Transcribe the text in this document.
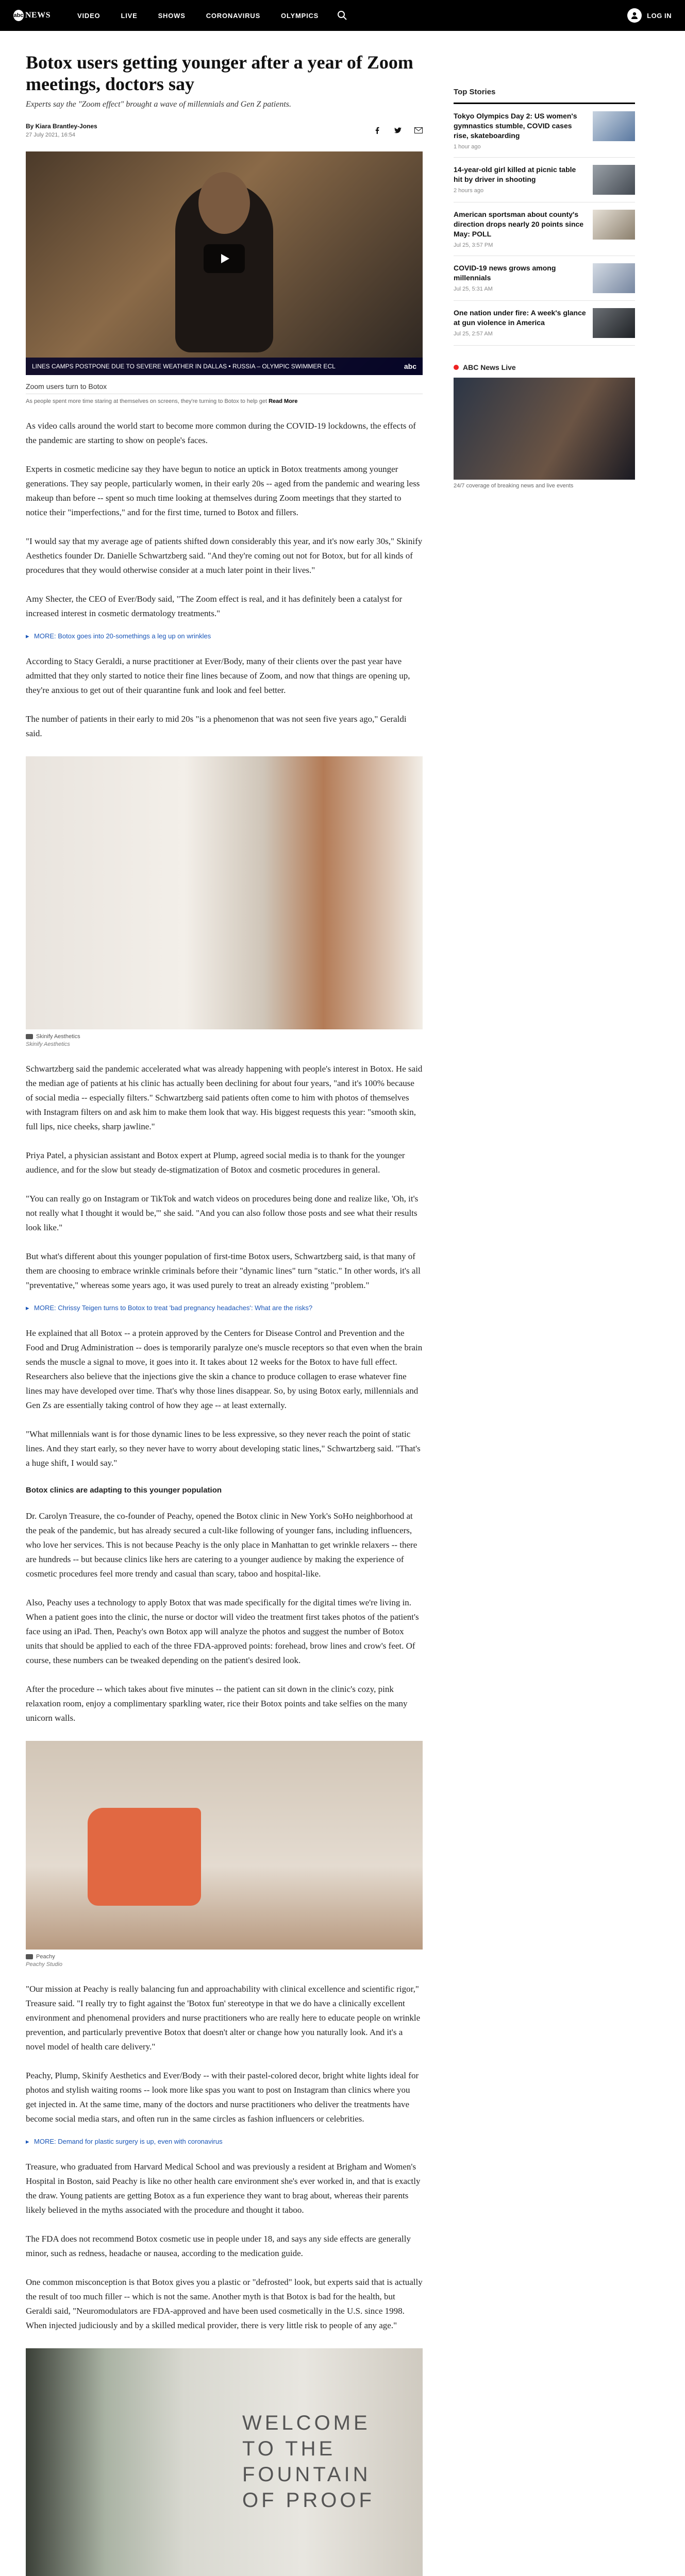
abc NEWS	VIDEO	LIVE	SHOWS	CORONAVIRUS	OLYMPICS	LOG IN
Botox users getting younger after a year of Zoom meetings, doctors say

Experts say the "Zoom effect" brought a wave of millennials and Gen Z patients.

By Kiara Brantley-Jones
27 July 2021, 16:54
LINES CAMPS POSTPONE DUE TO SEVERE WEATHER IN DALLAS • RUSSIA – OLYMPIC SWIMMER ECL	abc
Zoom users turn to Botox
As people spent more time staring at themselves on screens, they're turning to Botox to help get Read More

As video calls around the world start to become more common during the COVID-19 lockdowns, the effects of the pandemic are starting to show on people's faces.

Experts in cosmetic medicine say they have begun to notice an uptick in Botox treatments among younger generations. They say people, particularly women, in their early 20s -- aged from the pandemic and wearing less makeup than before -- spent so much time looking at themselves during Zoom meetings that they started to notice their "imperfections," and for the first time, turned to Botox and fillers.

"I would say that my average age of patients shifted down considerably this year, and it's now early 30s," Skinify Aesthetics founder Dr. Danielle Schwartzberg said. "And they're coming out not for Botox, but for all kinds of procedures that they would otherwise consider at a much later point in their lives."

Amy Shecter, the CEO of Ever/Body said, "The Zoom effect is real, and it has definitely been a catalyst for increased interest in cosmetic dermatology treatments."

▸ MORE: Botox goes into 20-somethings a leg up on wrinkles

According to Stacy Geraldi, a nurse practitioner at Ever/Body, many of their clients over the past year have admitted that they only started to notice their fine lines because of Zoom, and now that things are opening up, they're anxious to get out of their quarantine funk and look and feel better.

The number of patients in their early to mid 20s "is a phenomenon that was not seen five years ago," Geraldi said.

Skinify Aesthetics
Skinify Aesthetics

Schwartzberg said the pandemic accelerated what was already happening with people's interest in Botox. He said the median age of patients at his clinic has actually been declining for about four years, "and it's 100% because of social media -- especially filters." Schwartzberg said patients often come to him with photos of themselves with Instagram filters on and ask him to make them look that way. His biggest requests this year: "smooth skin, full lips, nice cheeks, sharp jawline."

Priya Patel, a physician assistant and Botox expert at Plump, agreed social media is to thank for the younger audience, and for the slow but steady de-stigmatization of Botox and cosmetic procedures in general.

"You can really go on Instagram or TikTok and watch videos on procedures being done and realize like, 'Oh, it's not really what I thought it would be,'" she said. "And you can also follow those posts and see what their results look like."

But what's different about this younger population of first-time Botox users, Schwartzberg said, is that many of them are choosing to embrace wrinkle criminals before their "dynamic lines" turn "static." In other words, it's all "preventative," whereas some years ago, it was used purely to treat an already existing "problem."

▸ MORE: Chrissy Teigen turns to Botox to treat 'bad pregnancy headaches': What are the risks?

He explained that all Botox -- a protein approved by the Centers for Disease Control and Prevention and the Food and Drug Administration -- does is temporarily paralyze one's muscle receptors so that even when the brain sends the muscle a signal to move, it goes into it. It takes about 12 weeks for the Botox to have full effect. Researchers also believe that the injections give the skin a chance to produce collagen to erase whatever fine lines may have developed over time. That's why those lines disappear. So, by using Botox early, millennials and Gen Zs are essentially taking control of how they age -- at least externally.

"What millennials want is for those dynamic lines to be less expressive, so they never reach the point of static lines. And they start early, so they never have to worry about developing static lines," Schwartzberg said. "That's a huge shift, I would say."

Botox clinics are adapting to this younger population

Dr. Carolyn Treasure, the co-founder of Peachy, opened the Botox clinic in New York's SoHo neighborhood at the peak of the pandemic, but has already secured a cult-like following of younger fans, including influencers, who love her services. This is not because Peachy is the only place in Manhattan to get wrinkle relaxers -- there are hundreds -- but because clinics like hers are catering to a younger audience by making the experience of cosmetic procedures feel more trendy and casual than scary, taboo and hospital-like.

Also, Peachy uses a technology to apply Botox that was made specifically for the digital times we're living in. When a patient goes into the clinic, the nurse or doctor will video the treatment first takes photos of the patient's face using an iPad. Then, Peachy's own Botox app will analyze the photos and suggest the number of Botox units that should be applied to each of the three FDA-approved points: forehead, brow lines and crow's feet. Of course, these numbers can be tweaked depending on the patient's desired look.

After the procedure -- which takes about five minutes -- the patient can sit down in the clinic's cozy, pink relaxation room, enjoy a complimentary sparkling water, rice their Botox points and take selfies on the many unicorn walls.

Peachy
Peachy Studio

"Our mission at Peachy is really balancing fun and approachability with clinical excellence and scientific rigor," Treasure said. "I really try to fight against the 'Botox fun' stereotype in that we do have a clinically excellent environment and phenomenal providers and nurse practitioners who are really here to educate people on wrinkle prevention, and particularly preventive Botox that doesn't alter or change how you naturally look. And it's a novel model of health care delivery."

Peachy, Plump, Skinify Aesthetics and Ever/Body -- with their pastel-colored decor, bright white lights ideal for photos and stylish waiting rooms -- look more like spas you want to post on Instagram than clinics where you get injected in. At the same time, many of the doctors and nurse practitioners who deliver the treatments have become social media stars, and often run in the same circles as fashion influencers or celebrities.

▸ MORE: Demand for plastic surgery is up, even with coronavirus

Treasure, who graduated from Harvard Medical School and was previously a resident at Brigham and Women's Hospital in Boston, said Peachy is like no other health care environment she's ever worked in, and that is exactly the draw. Young patients are getting Botox as a fun experience they want to brag about, whereas their parents likely believed in the myths associated with the procedure and thought it taboo.

The FDA does not recommend Botox cosmetic use in people under 18, and says any side effects are generally minor, such as redness, headache or nausea, according to the medication guide.

One common misconception is that Botox gives you a plastic or "defrosted" look, but experts said that is actually the result of too much filler -- which is not the same. Another myth is that Botox is bad for the health, but Geraldi said, "Neuromodulators are FDA-approved and have been used cosmetically in the U.S. since 1998. When injected judiciously and by a skilled medical provider, there is very little risk to people of any age."

WELCOME TO THE FOUNTAIN OF PROOF

Top Stories
Tokyo Olympics Day 2: US women's gymnastics stumble, COVID cases rise, skateboarding
1 hour ago
14-year-old girl killed at picnic table hit by driver in shooting
2 hours ago
American sportsman about county's direction drops nearly 20 points since May: POLL
Jul 25, 3:57 PM
COVID-19 news grows among millennials
Jul 25, 5:31 AM
One nation under fire: A week's glance at gun violence in America
Jul 25, 2:57 AM
ABC News Live
24/7 coverage of breaking news and live events
